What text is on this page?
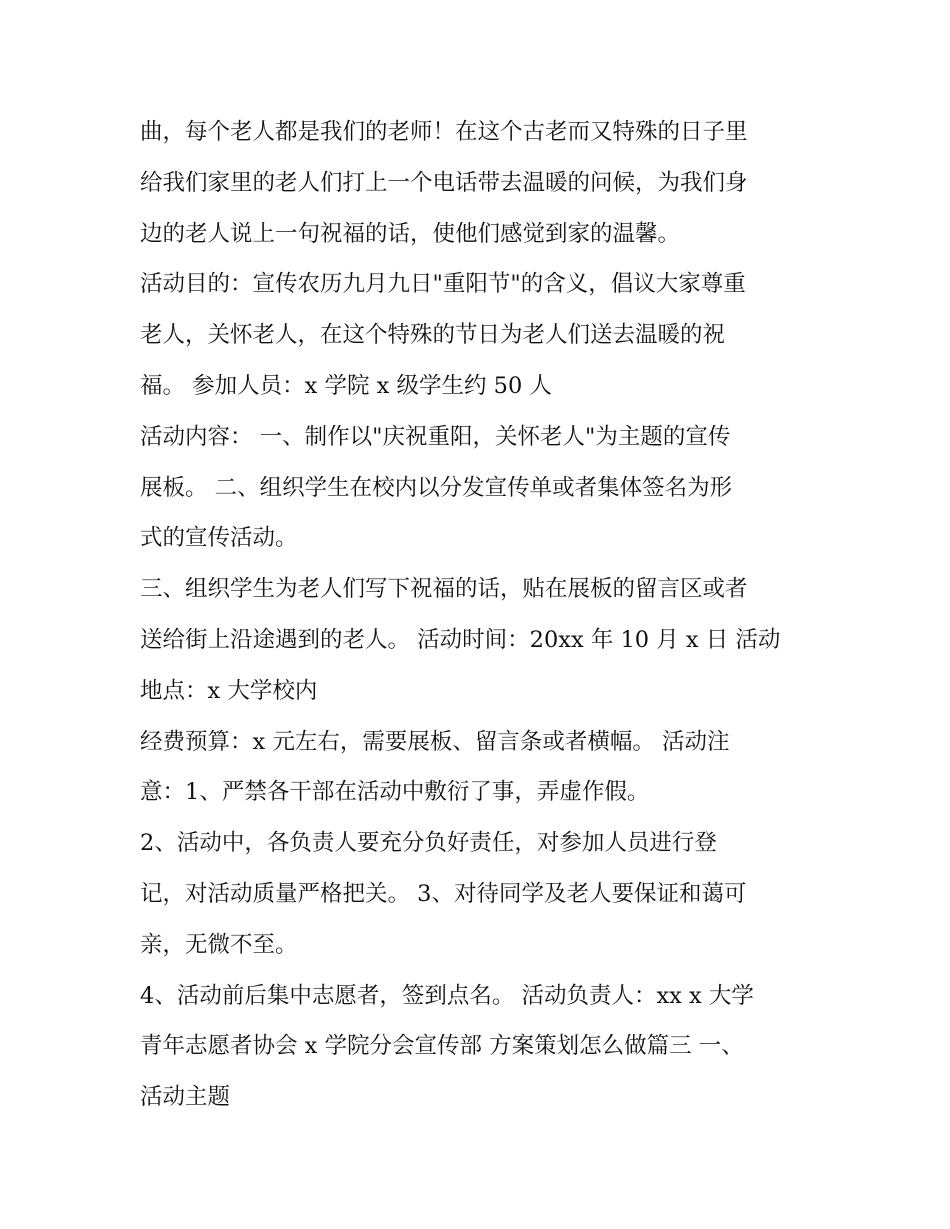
曲，每个老人都是我们的老师！在这个古老而又特殊的日子里
给我们家里的老人们打上一个电话带去温暖的问候，为我们身
边的老人说上一句祝福的话，使他们感觉到家的温馨。
活动目的：宣传农历九月九日"重阳节"的含义，倡议大家尊重
老人，关怀老人，在这个特殊的节日为老人们送去温暖的祝
福。 参加人员：x 学院 x 级学生约 50 人
活动内容： 一、制作以"庆祝重阳，关怀老人"为主题的宣传
展板。 二、组织学生在校内以分发宣传单或者集体签名为形
式的宣传活动。
三、组织学生为老人们写下祝福的话，贴在展板的留言区或者
送给街上沿途遇到的老人。 活动时间：20xx 年 10 月 x 日 活动
地点：x 大学校内
经费预算：x 元左右，需要展板、留言条或者横幅。 活动注
意：1、严禁各干部在活动中敷衍了事，弄虚作假。
2、活动中，各负责人要充分负好责任，对参加人员进行登
记，对活动质量严格把关。 3、对待同学及老人要保证和蔼可
亲，无微不至。
4、活动前后集中志愿者，签到点名。 活动负责人：xx x 大学
青年志愿者协会 x 学院分会宣传部 方案策划怎么做篇三 一、
活动主题
